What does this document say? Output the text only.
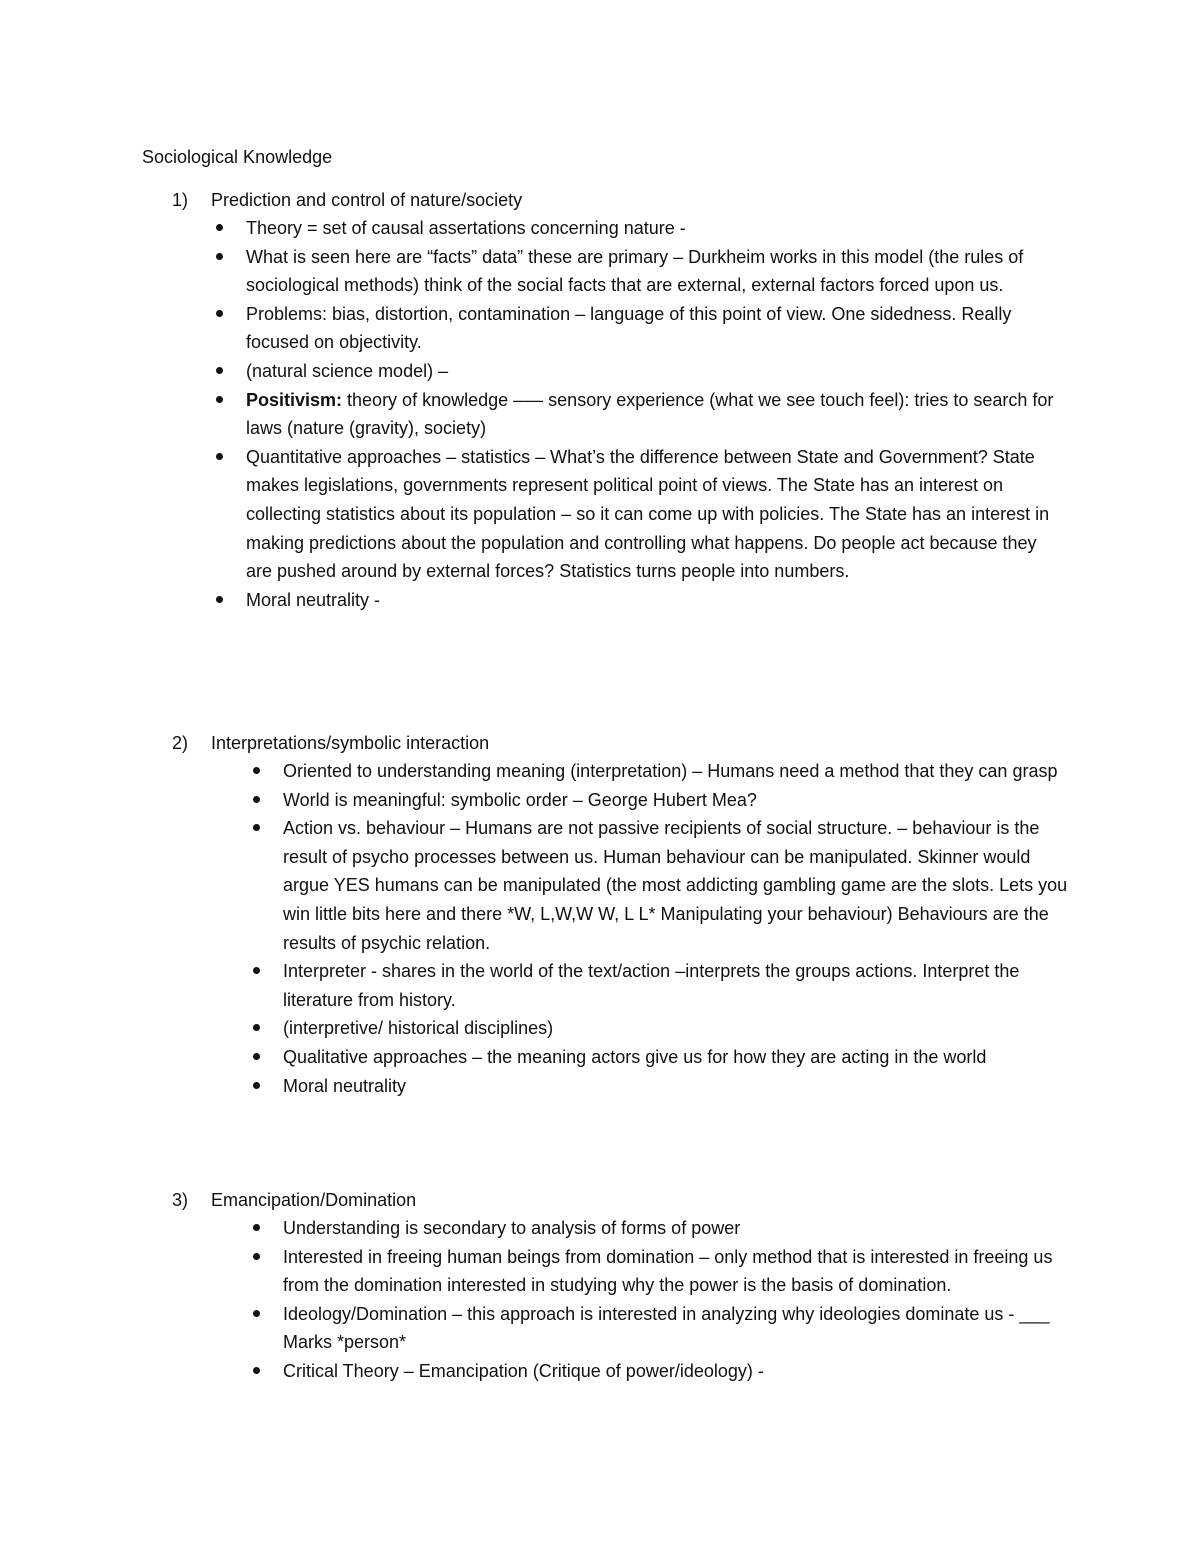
Sociological Knowledge
1) Prediction and control of nature/society
Theory = set of causal assertations concerning nature -
What is seen here are “facts” data” these are primary – Durkheim works in this model (the rules of sociological methods) think of the social facts that are external, external factors forced upon us.
Problems: bias, distortion, contamination – language of this point of view. One sidedness. Really focused on objectivity.
(natural science model) –
Positivism: theory of knowledge ––– sensory experience (what we see touch feel): tries to search for laws (nature (gravity), society)
Quantitative approaches – statistics – What’s the difference between State and Government? State makes legislations, governments represent political point of views. The State has an interest on collecting statistics about its population – so it can come up with policies. The State has an interest in making predictions about the population and controlling what happens. Do people act because they are pushed around by external forces? Statistics turns people into numbers.
Moral neutrality -
2) Interpretations/symbolic interaction
Oriented to understanding meaning (interpretation) – Humans need a method that they can grasp
World is meaningful: symbolic order – George Hubert Mea?
Action vs. behaviour – Humans are not passive recipients of social structure. – behaviour is the result of psycho processes between us. Human behaviour can be manipulated. Skinner would argue YES humans can be manipulated (the most addicting gambling game are the slots. Lets you win little bits here and there *W, L,W,W W, L L* Manipulating your behaviour) Behaviours are the results of psychic relation.
Interpreter - shares in the world of the text/action –interprets the groups actions. Interpret the literature from history.
(interpretive/ historical disciplines)
Qualitative approaches – the meaning actors give us for how they are acting in the world
Moral neutrality
3) Emancipation/Domination
Understanding is secondary to analysis of forms of power
Interested in freeing human beings from domination – only method that is interested in freeing us from the domination interested in studying why the power is the basis of domination.
Ideology/Domination – this approach is interested in analyzing why ideologies dominate us - ___ Marks *person*
Critical Theory – Emancipation (Critique of power/ideology) -
